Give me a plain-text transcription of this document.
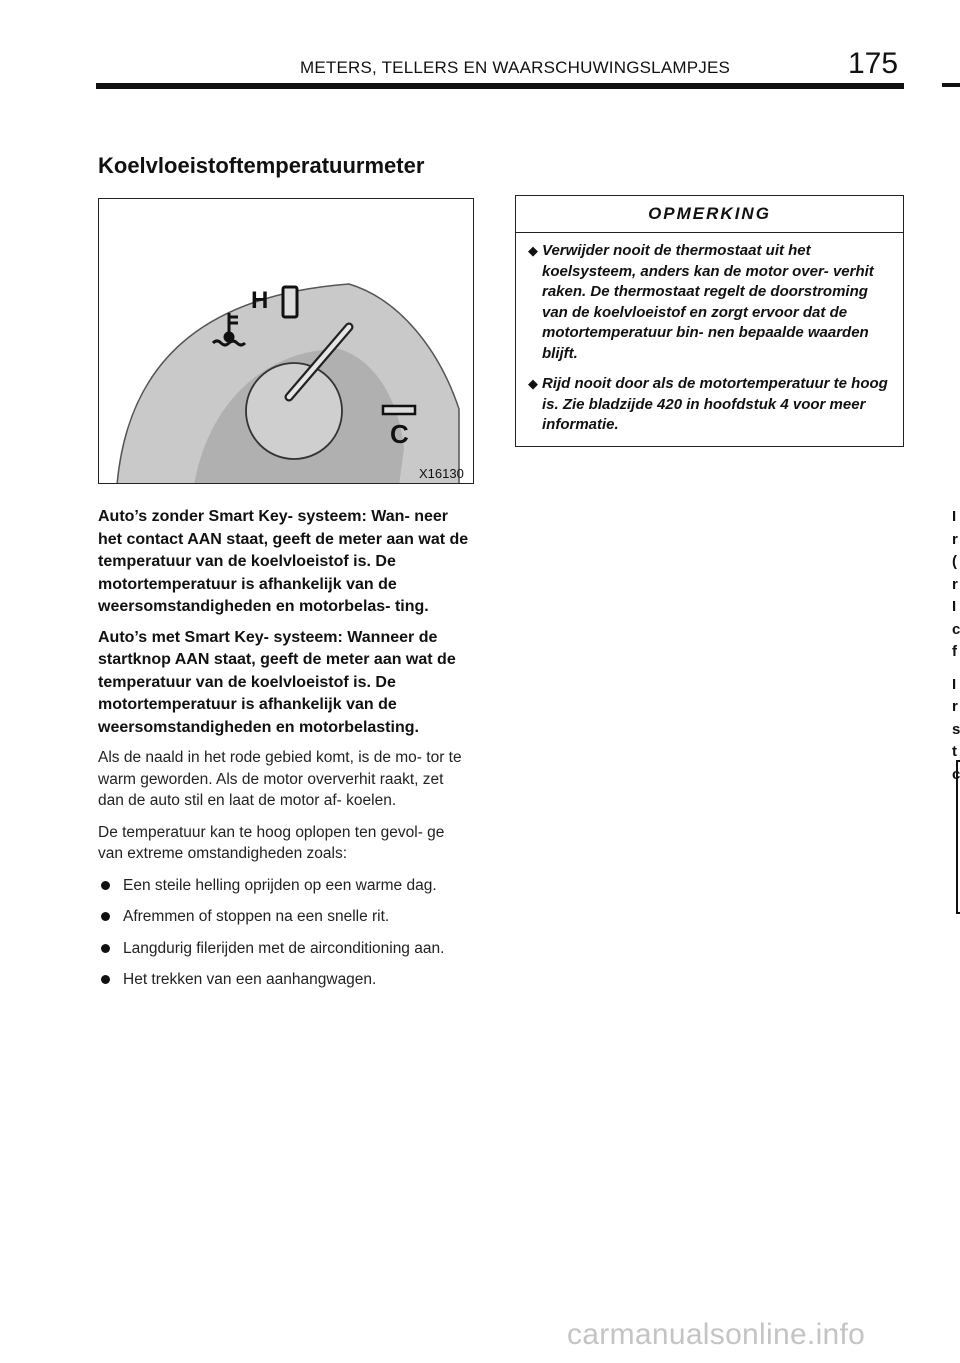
METERS, TELLERS EN WAARSCHUWINGSLAMPJES	175
Koelvloeistoftemperatuurmeter
H
C
X16130
OPMERKING
◆ Verwijder nooit de thermostaat uit het koelsysteem, anders kan de motor over- verhit raken. De thermostaat regelt de doorstroming van de koelvloeistof en zorgt ervoor dat de motortemperatuur bin- nen bepaalde waarden blijft.
◆ Rijd nooit door als de motortemperatuur te hoog is. Zie bladzijde 420 in hoofdstuk 4 voor meer informatie.

Auto’s zonder Smart Key- systeem: Wan- neer het contact AAN staat, geeft de meter aan wat de temperatuur van de koelvloeistof is. De motortemperatuur is afhankelijk van de weersomstandigheden en motorbelas- ting.

Auto’s met Smart Key- systeem: Wanneer de startknop AAN staat, geeft de meter aan wat de temperatuur van de koelvloeistof is. De motortemperatuur is afhankelijk van de weersomstandigheden en motorbelasting.

Als de naald in het rode gebied komt, is de mo- tor te warm geworden. Als de motor oververhit raakt, zet dan de auto stil en laat de motor af- koelen.

De temperatuur kan te hoog oplopen ten gevol- ge van extreme omstandigheden zoals:

Een steile helling oprijden op een warme dag.
Afremmen of stoppen na een snelle rit.
Langdurig filerijden met de airconditioning aan.
Het trekken van een aanhangwagen.
I
r
(
r
I
c
f
I
r
s
t
c
carmanualsonline.info
